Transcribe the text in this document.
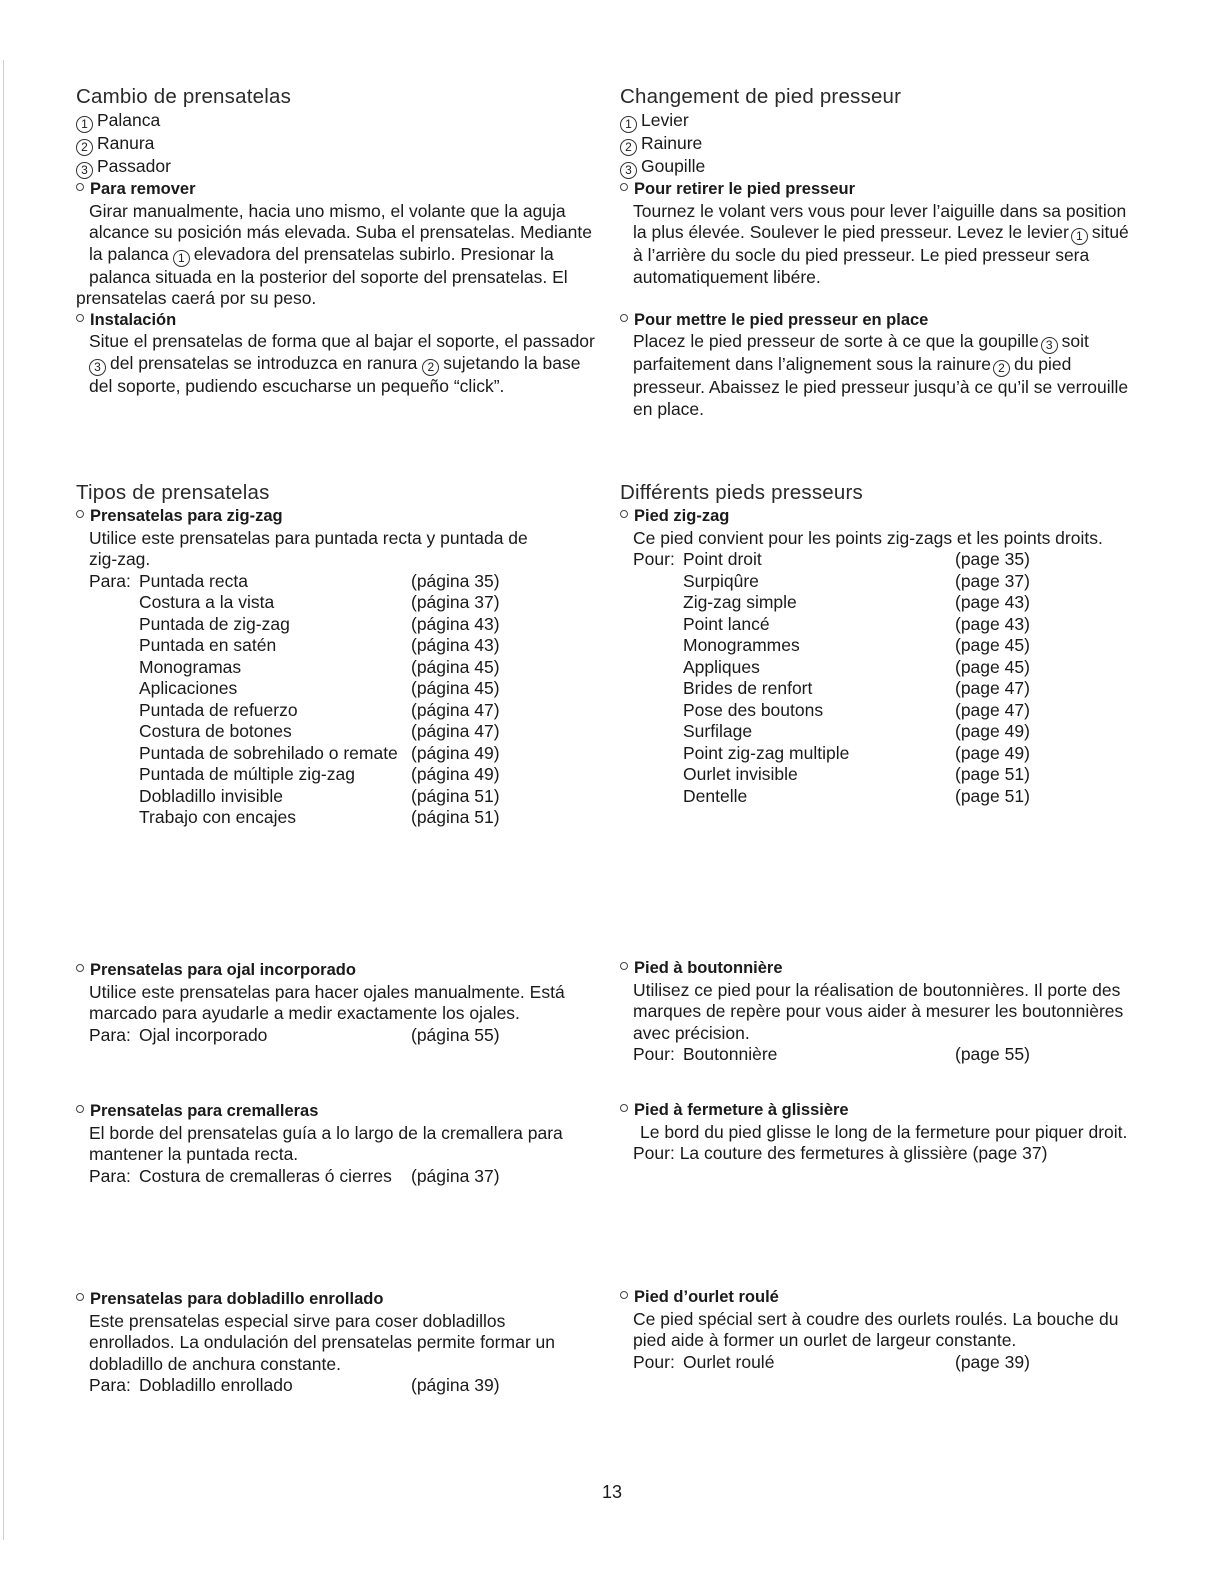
Cambio de prensatelas

1 Palanca

2 Ranura

3 Passador

Para remover

Girar manualmente, hacia uno mismo, el volante que la aguja

alcance su posición más elevada. Suba el prensatelas. Mediante

la palanca 1 elevadora del prensatelas subirlo. Presionar la

palanca situada en la posterior del soporte del prensatelas. El

prensatelas caerá por su peso.

Instalación

Situe el prensatelas de forma que al bajar el soporte, el passador

3 del prensatelas se introduzca en ranura 2 sujetando la base

del soporte, pudiendo escucharse un pequeño “click”.

Changement de pied presseur

1 Levier

2 Rainure

3 Goupille

Pour retirer le pied presseur

Tournez le volant vers vous pour lever l’aiguille dans sa position

la plus élevée. Soulever le pied presseur. Levez le levier 1 situé

à l’arrière du socle du pied presseur. Le pied presseur sera

automatiquement libére.

Pour mettre le pied presseur en place

Placez le pied presseur de sorte à ce que la goupille 3 soit

parfaitement dans l’alignement sous la rainure 2 du pied

presseur. Abaissez le pied presseur jusqu’à ce qu’il se verrouille

en place.

Tipos de prensatelas

Prensatelas para zig-zag

Utilice este prensatelas para puntada recta y puntada de

zig-zag.

Para: Puntada recta	(página 35)
Costura a la vista	(página 37)
Puntada de zig-zag	(página 43)
Puntada en satén	(página 43)
Monogramas	(página 45)
Aplicaciones	(página 45)
Puntada de refuerzo	(página 47)
Costura de botones	(página 47)
Puntada de sobrehilado o remate (página 49)
Puntada de múltiple zig-zag	(página 49)
Dobladillo invisible	(página 51)
Trabajo con encajes	(página 51)
Différents pieds presseurs

Pied zig-zag

Ce pied convient pour les points zig-zags et les points droits.

Pour: Point droit	(page 35)
Surpiqûre	(page 37)
Zig-zag simple	(page 43)
Point lancé	(page 43)
Monogrammes	(page 45)
Appliques	(page 45)
Brides de renfort	(page 47)
Pose des boutons	(page 47)
Surfilage	(page 49)
Point zig-zag multiple	(page 49)
Ourlet invisible	(page 51)
Dentelle	(page 51)

Prensatelas para ojal incorporado

Utilice este prensatelas para hacer ojales manualmente. Está

marcado para ayudarle a medir exactamente los ojales.

Para: Ojal incorporado	(página 55)

Pied à boutonnière

Utilisez ce pied pour la réalisation de boutonnières. Il porte des

marques de repère pour vous aider à mesurer les boutonnières

avec précision.

Pour: Boutonnière	(page 55)

Prensatelas para cremalleras

El borde del prensatelas guía a lo largo de la cremallera para

mantener la puntada recta.

Para: Costura de cremalleras ó cierres	(página 37)

Pied à fermeture à glissière

Le bord du pied glisse le long de la fermeture pour piquer droit.

Pour: La couture des fermetures à glissière (page 37)

Prensatelas para dobladillo enrollado

Este prensatelas especial sirve para coser dobladillos

enrollados. La ondulación del prensatelas permite formar un

dobladillo de anchura constante.

Para: Dobladillo enrollado	(página 39)

Pied d’ourlet roulé

Ce pied spécial sert à coudre des ourlets roulés. La bouche du

pied aide à former un ourlet de largeur constante.

Pour: Ourlet roulé	(page 39)
13
